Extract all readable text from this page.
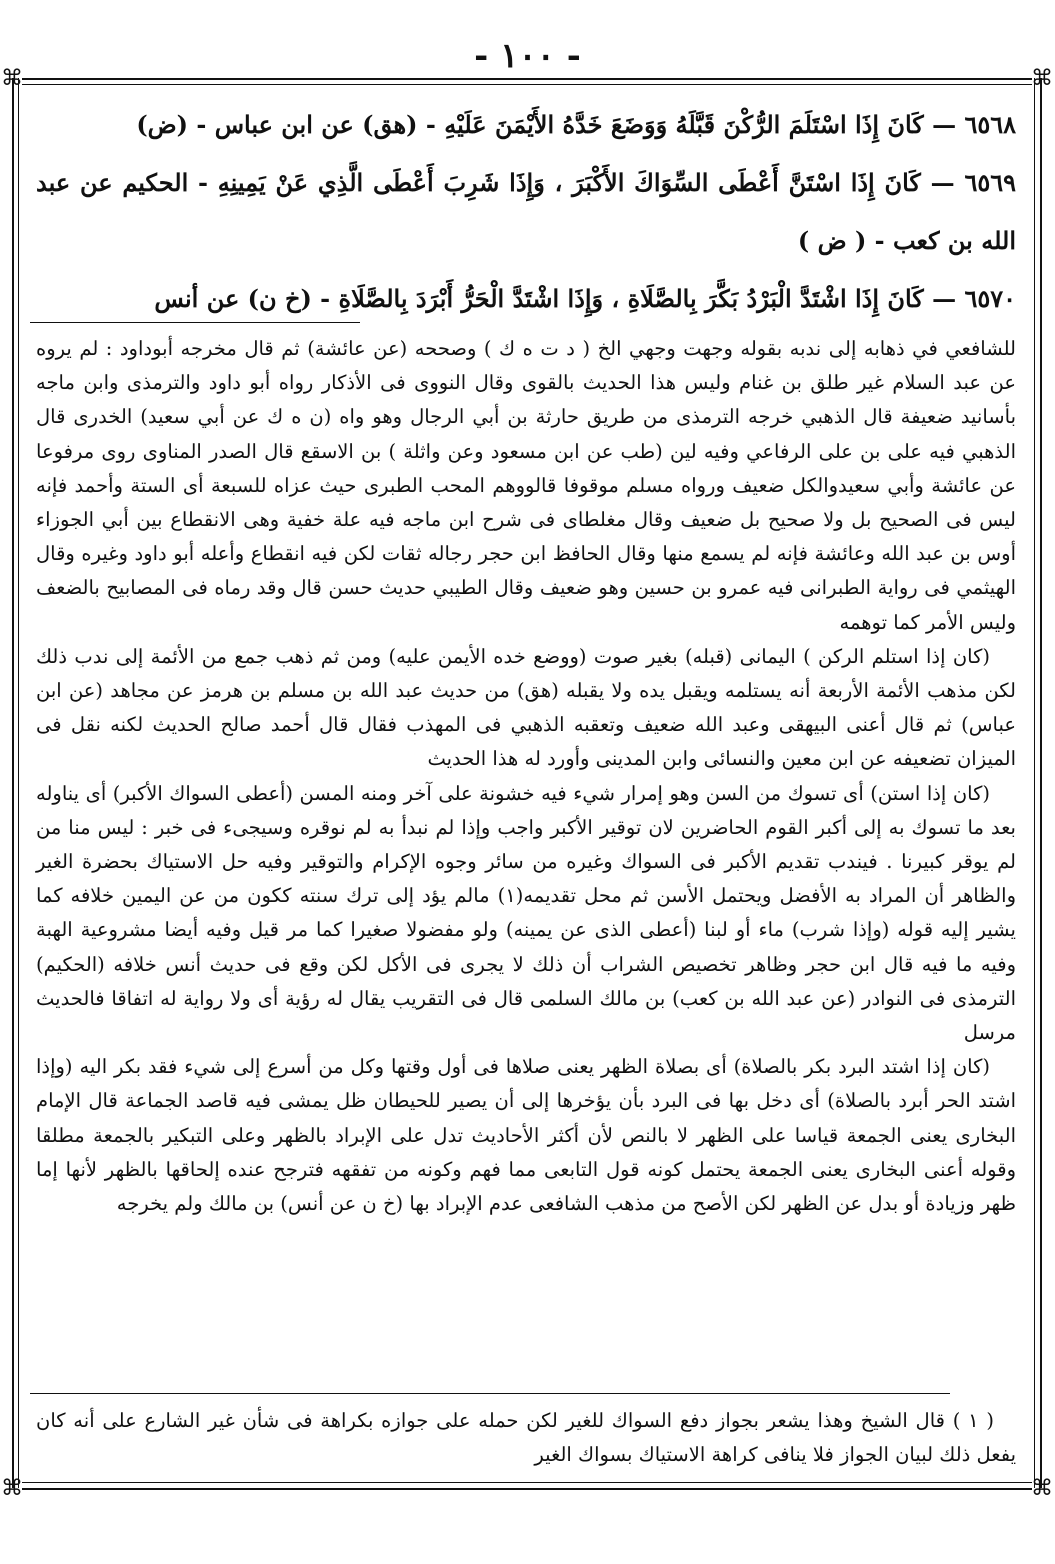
- ١٠٠ -
⌘	⌘
⌘	⌘

٦٥٦٨ — كَانَ إِذَا اسْتَلَمَ الرُّكْنَ قَبَّلَهُ وَوَضَعَ خَدَّهُ الأَيْمَنَ عَلَيْهِ - (هق) عن ابن عباس - (ض)

٦٥٦٩ — كَانَ إِذَا اسْتَنَّ أَعْطَى السِّوَاكَ الأَكْبَرَ ، وَإِذَا شَرِبَ أَعْطَى الَّذِي عَنْ يَمِينِهِ - الحكيم عن عبد الله بن كعب - ( ض )

٦٥٧٠ — كَانَ إِذَا اشْتَدَّ الْبَرْدُ بَكَّرَ بِالصَّلَاةِ ، وَإِذَا اشْتَدَّ الْحَرُّ أَبْرَدَ بِالصَّلَاةِ - (خ ن) عن أنس

للشافعي في ذهابه إلى ندبه بقوله وجهت وجهي الخ ( د ت ه ك ) وصححه (عن عائشة) ثم قال مخرجه أبوداود : لم يروه عن عبد السلام غير طلق بن غنام وليس هذا الحديث بالقوى وقال النووى فى الأذكار رواه أبو داود والترمذى وابن ماجه بأسانيد ضعيفة قال الذهبي خرجه الترمذى من طريق حارثة بن أبي الرجال وهو واه (ن ه ك عن أبي سعيد) الخدرى قال الذهبي فيه على بن على الرفاعي وفيه لين (طب عن ابن مسعود وعن واثلة ) بن الاسقع قال الصدر المناوى روى مرفوعا عن عائشة وأبي سعيدوالكل ضعيف ورواه مسلم موقوفا قالووهم المحب الطبرى حيث عزاه للسبعة أى الستة وأحمد فإنه ليس فى الصحيح بل ولا صحيح بل ضعيف وقال مغلطاى فى شرح ابن ماجه فيه علة خفية وهى الانقطاع بين أبي الجوزاء أوس بن عبد الله وعائشة فإنه لم يسمع منها وقال الحافظ ابن حجر رجاله ثقات لكن فيه انقطاع وأعله أبو داود وغيره وقال الهيثمي فى رواية الطبرانى فيه عمرو بن حسين وهو ضعيف وقال الطيبي حديث حسن قال وقد رماه فى المصابيح بالضعف وليس الأمر كما توهمه

(كان إذا استلم الركن ) اليمانى (قبله) بغير صوت (ووضع خده الأيمن عليه) ومن ثم ذهب جمع من الأئمة إلى ندب ذلك لكن مذهب الأئمة الأربعة أنه يستلمه ويقبل يده ولا يقبله (هق) من حديث عبد الله بن مسلم بن هرمز عن مجاهد (عن ابن عباس) ثم قال أعنى البيهقى وعبد الله ضعيف وتعقبه الذهبي فى المهذب فقال قال أحمد صالح الحديث لكنه نقل فى الميزان تضعيفه عن ابن معين والنسائى وابن المدينى وأورد له هذا الحديث

(كان إذا استن) أى تسوك من السن وهو إمرار شيء فيه خشونة على آخر ومنه المسن (أعطى السواك الأكبر) أى يناوله بعد ما تسوك به إلى أكبر القوم الحاضرين لان توقير الأكبر واجب وإذا لم نبدأ به لم نوقره وسيجىء فى خبر : ليس منا من لم يوقر كبيرنا . فيندب تقديم الأكبر فى السواك وغيره من سائر وجوه الإكرام والتوقير وفيه حل الاستياك بحضرة الغير والظاهر أن المراد به الأفضل ويحتمل الأسن ثم محل تقديمه(١) مالم يؤد إلى ترك سنته ككون من عن اليمين خلافه كما يشير إليه قوله (وإذا شرب) ماء أو لبنا (أعطى الذى عن يمينه) ولو مفضولا صغيرا كما مر قيل وفيه أيضا مشروعية الهبة وفيه ما فيه قال ابن حجر وظاهر تخصيص الشراب أن ذلك لا يجرى فى الأكل لكن وقع فى حديث أنس خلافه (الحكيم) الترمذى فى النوادر (عن عبد الله بن كعب) بن مالك السلمى قال فى التقريب يقال له رؤية أى ولا رواية له اتفاقا فالحديث مرسل

(كان إذا اشتد البرد بكر بالصلاة) أى بصلاة الظهر يعنى صلاها فى أول وقتها وكل من أسرع إلى شيء فقد بكر اليه (وإذا اشتد الحر أبرد بالصلاة) أى دخل بها فى البرد بأن يؤخرها إلى أن يصير للحيطان ظل يمشى فيه قاصد الجماعة قال الإمام البخارى يعنى الجمعة قياسا على الظهر لا بالنص لأن أكثر الأحاديث تدل على الإبراد بالظهر وعلى التبكير بالجمعة مطلقا وقوله أعنى البخارى يعنى الجمعة يحتمل كونه قول التابعى مما فهم وكونه من تفقهه فترجح عنده إلحاقها بالظهر لأنها إما ظهر وزيادة أو بدل عن الظهر لكن الأصح من مذهب الشافعى عدم الإبراد بها (خ ن عن أنس) بن مالك ولم يخرجه

( ١ ) قال الشيخ وهذا يشعر بجواز دفع السواك للغير لكن حمله على جوازه بكراهة فى شأن غير الشارع على أنه كان يفعل ذلك لبيان الجواز فلا ينافى كراهة الاستياك بسواك الغير
